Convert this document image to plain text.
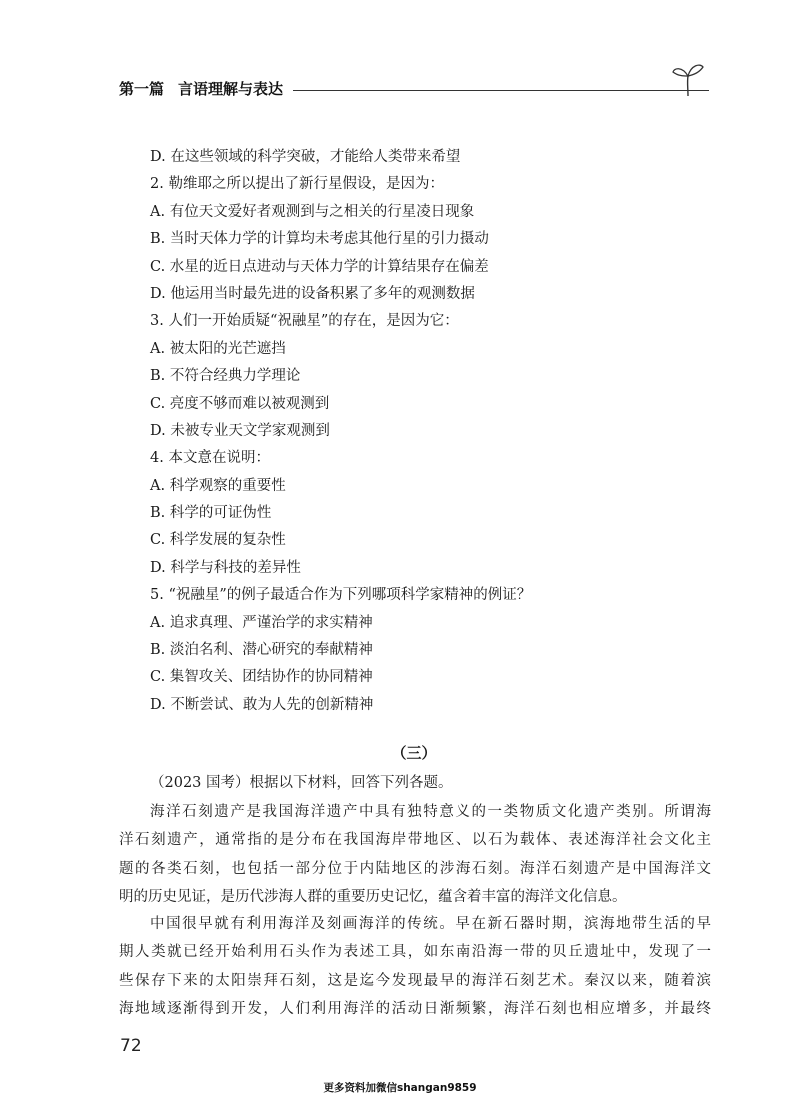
第一篇 言语理解与表达
D. 在这些领域的科学突破，才能给人类带来希望
2. 勒维耶之所以提出了新行星假设，是因为：
A. 有位天文爱好者观测到与之相关的行星凌日现象
B. 当时天体力学的计算均未考虑其他行星的引力摄动
C. 水星的近日点进动与天体力学的计算结果存在偏差
D. 他运用当时最先进的设备积累了多年的观测数据
3. 人们一开始质疑“祝融星”的存在，是因为它：
A. 被太阳的光芒遮挡
B. 不符合经典力学理论
C. 亮度不够而难以被观测到
D. 未被专业天文学家观测到
4. 本文意在说明：
A. 科学观察的重要性
B. 科学的可证伪性
C. 科学发展的复杂性
D. 科学与科技的差异性
5. “祝融星”的例子最适合作为下列哪项科学家精神的例证？
A. 追求真理、严谨治学的求实精神
B. 淡泊名利、潜心研究的奉献精神
C. 集智攻关、团结协作的协同精神
D. 不断尝试、敢为人先的创新精神
（三）
（2023 国考）根据以下材料，回答下列各题。

海洋石刻遗产是我国海洋遗产中具有独特意义的一类物质文化遗产类别。所谓海
洋石刻遗产，通常指的是分布在我国海岸带地区、以石为载体、表述海洋社会文化主
题的各类石刻，也包括一部分位于内陆地区的涉海石刻。海洋石刻遗产是中国海洋文
明的历史见证，是历代涉海人群的重要历史记忆，蕴含着丰富的海洋文化信息。

中国很早就有利用海洋及刻画海洋的传统。早在新石器时期，滨海地带生活的早
期人类就已经开始利用石头作为表述工具，如东南沿海一带的贝丘遗址中，发现了一
些保存下来的太阳崇拜石刻，这是迄今发现最早的海洋石刻艺术。秦汉以来，随着滨
海地域逐渐得到开发，人们利用海洋的活动日渐频繁，海洋石刻也相应增多，并最终

72
更多资料加微信shangan9859
